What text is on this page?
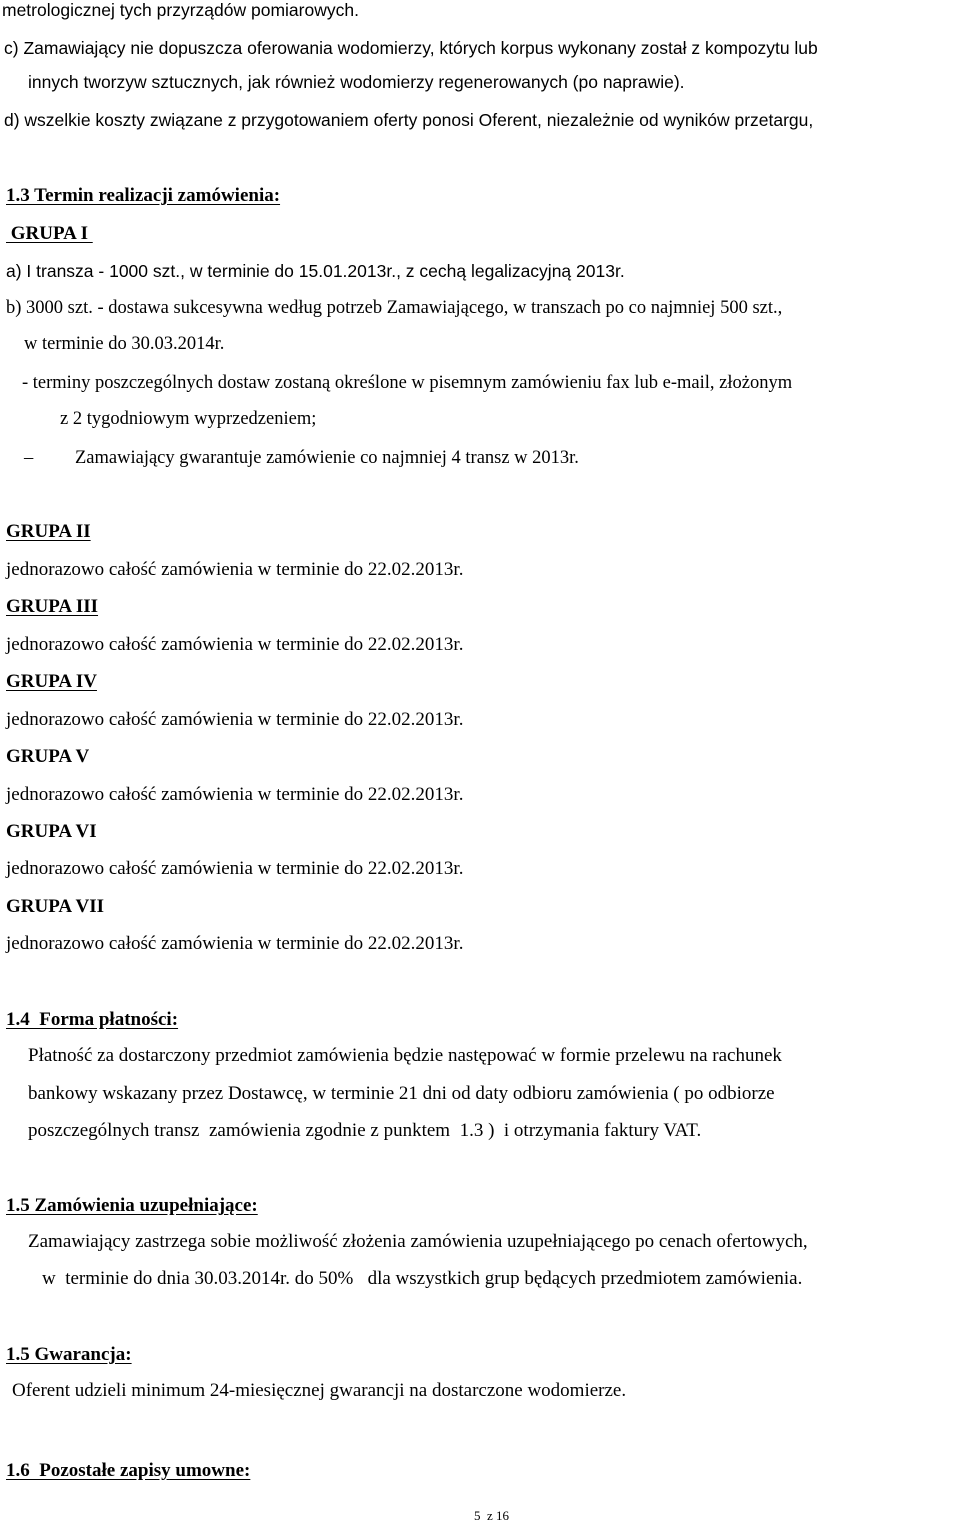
metrologicznej tych przyrządów pomiarowych.
c) Zamawiający nie dopuszcza oferowania wodomierzy, których korpus wykonany został z kompozytu lub
innych tworzyw sztucznych, jak również wodomierzy regenerowanych (po naprawie).
d) wszelkie koszty związane z przygotowaniem oferty ponosi Oferent, niezależnie od wyników przetargu,
1.3 Termin realizacji zamówienia:
GRUPA I
a) I transza - 1000 szt., w terminie do 15.01.2013r., z cechą legalizacyjną 2013r.
b) 3000 szt. - dostawa sukcesywna według potrzeb Zamawiającego, w transzach po co najmniej 500 szt.,
w terminie do 30.03.2014r.
- terminy poszczególnych dostaw zostaną określone w pisemnym zamówieniu fax lub e-mail, złożonym
z 2 tygodniowym wyprzedzeniem;
– Zamawiający gwarantuje zamówienie co najmniej 4 transz w 2013r.
GRUPA II
jednorazowo całość zamówienia w terminie do 22.02.2013r.
GRUPA III
jednorazowo całość zamówienia w terminie do 22.02.2013r.
GRUPA IV
jednorazowo całość zamówienia w terminie do 22.02.2013r.
GRUPA V
jednorazowo całość zamówienia w terminie do 22.02.2013r.
GRUPA VI
jednorazowo całość zamówienia w terminie do 22.02.2013r.
GRUPA VII
jednorazowo całość zamówienia w terminie do 22.02.2013r.
1.4  Forma płatności:
Płatność za dostarczony przedmiot zamówienia będzie następować w formie przelewu na rachunek
bankowy wskazany przez Dostawcę, w terminie 21 dni od daty odbioru zamówienia ( po odbiorze
poszczególnych transz  zamówienia zgodnie z punktem  1.3 )  i otrzymania faktury VAT.
1.5 Zamówienia uzupełniające:
Zamawiający zastrzega sobie możliwość złożenia zamówienia uzupełniającego po cenach ofertowych,
w  terminie do dnia 30.03.2014r. do 50%   dla wszystkich grup będących przedmiotem zamówienia.
1.5 Gwarancja:
Oferent udzieli minimum 24-miesięcznej gwarancji na dostarczone wodomierze.
1.6  Pozostałe zapisy umowne:
5  z 16
